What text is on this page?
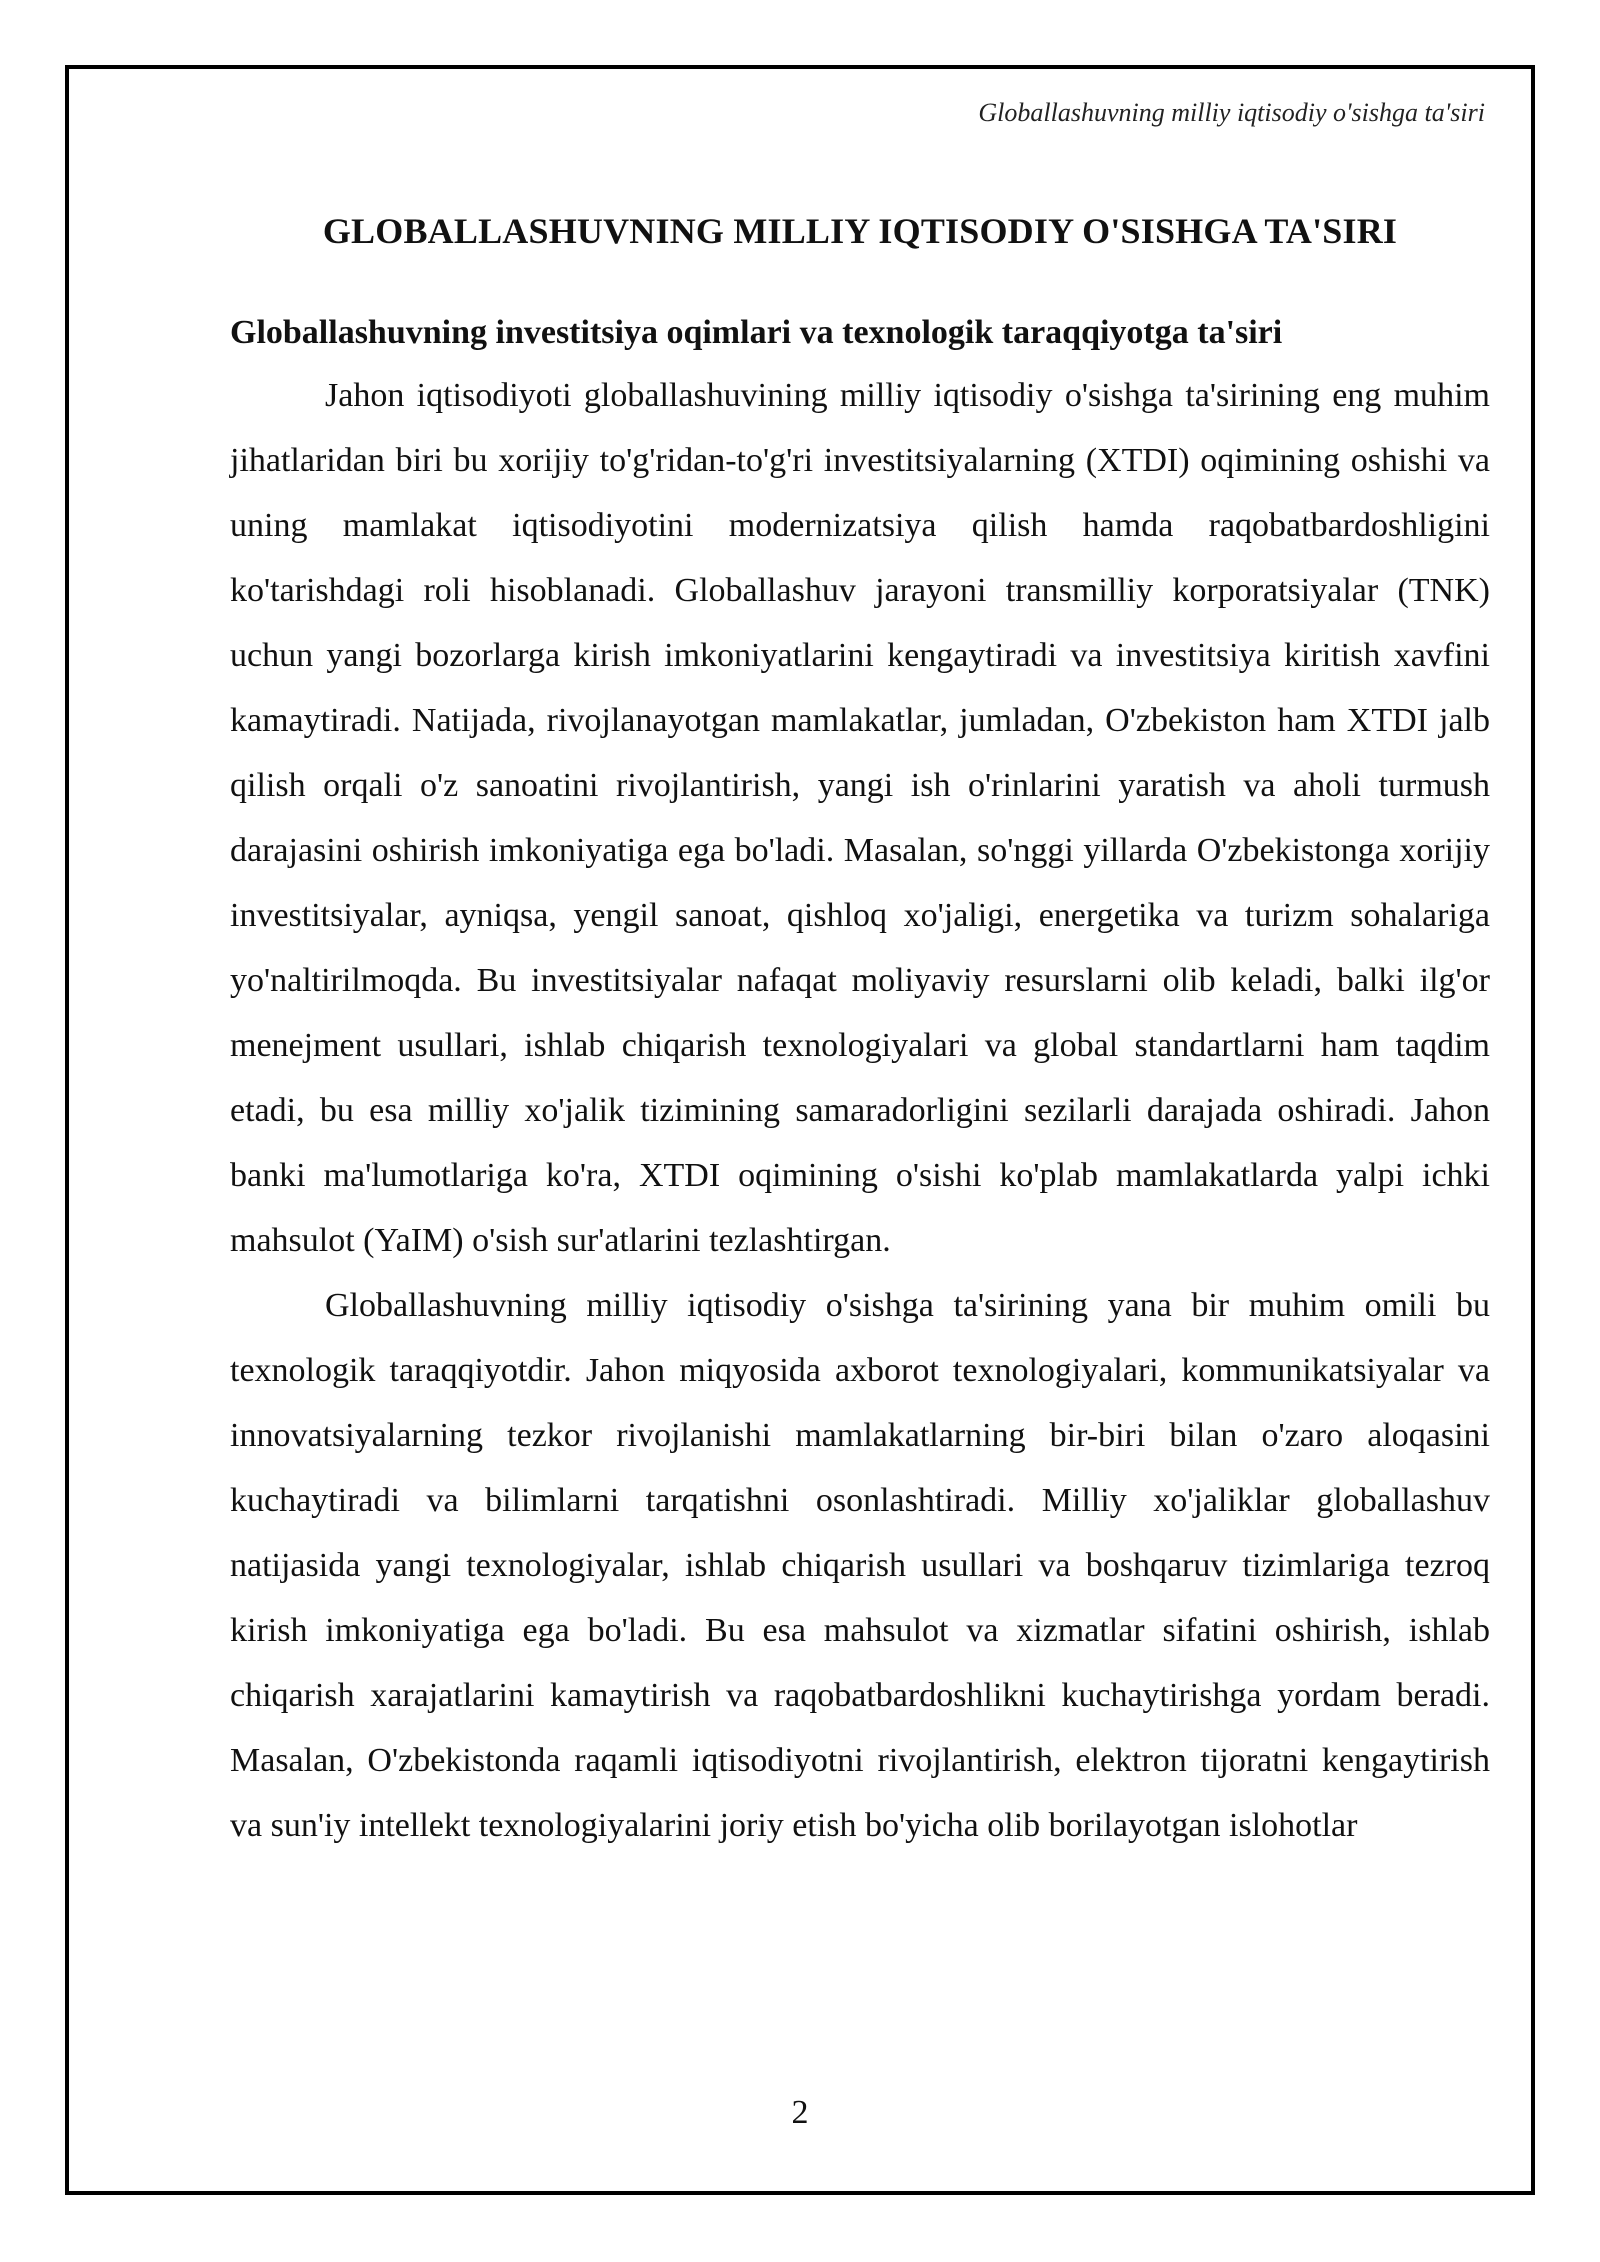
Globallashuvning milliy iqtisodiy o'sishga ta'siri
GLOBALLASHUVNING MILLIY IQTISODIY O'SISHGA TA'SIRI
Globallashuvning investitsiya oqimlari va texnologik taraqqiyotga ta'siri

Jahon iqtisodiyoti globallashuvining milliy iqtisodiy o'sishga ta'sirining eng muhim jihatlaridan biri bu xorijiy to'g'ridan-to'g'ri investitsiyalarning (XTDI) oqimining oshishi va uning mamlakat iqtisodiyotini modernizatsiya qilish hamda raqobatbardoshligini ko'tarishdagi roli hisoblanadi. Globallashuv jarayoni transmilliy korporatsiyalar (TNK) uchun yangi bozorlarga kirish imkoniyatlarini kengaytiradi va investitsiya kiritish xavfini kamaytiradi. Natijada, rivojlanayotgan mamlakatlar, jumladan, O'zbekiston ham XTDI jalb qilish orqali o'z sanoatini rivojlantirish, yangi ish o'rinlarini yaratish va aholi turmush darajasini oshirish imkoniyatiga ega bo'ladi. Masalan, so'nggi yillarda O'zbekistonga xorijiy investitsiyalar, ayniqsa, yengil sanoat, qishloq xo'jaligi, energetika va turizm sohalariga yo'naltirilmoqda. Bu investitsiyalar nafaqat moliyaviy resurslarni olib keladi, balki ilg'or menejment usullari, ishlab chiqarish texnologiyalari va global standartlarni ham taqdim etadi, bu esa milliy xo'jalik tizimining samaradorligini sezilarli darajada oshiradi. Jahon banki ma'lumotlariga ko'ra, XTDI oqimining o'sishi ko'plab mamlakatlarda yalpi ichki mahsulot (YaIM) o'sish sur'atlarini tezlashtirgan.

Globallashuvning milliy iqtisodiy o'sishga ta'sirining yana bir muhim omili bu texnologik taraqqiyotdir. Jahon miqyosida axborot texnologiyalari, kommunikatsiyalar va innovatsiyalarning tezkor rivojlanishi mamlakatlarning bir-biri bilan o'zaro aloqasini kuchaytiradi va bilimlarni tarqatishni osonlashtiradi. Milliy xo'jaliklar globallashuv natijasida yangi texnologiyalar, ishlab chiqarish usullari va boshqaruv tizimlariga tezroq kirish imkoniyatiga ega bo'ladi. Bu esa mahsulot va xizmatlar sifatini oshirish, ishlab chiqarish xarajatlarini kamaytirish va raqobatbardoshlikni kuchaytirishga yordam beradi. Masalan, O'zbekistonda raqamli iqtisodiyotni rivojlantirish, elektron tijoratni kengaytirish va sun'iy intellekt texnologiyalarini joriy etish bo'yicha olib borilayotgan islohotlar

2
